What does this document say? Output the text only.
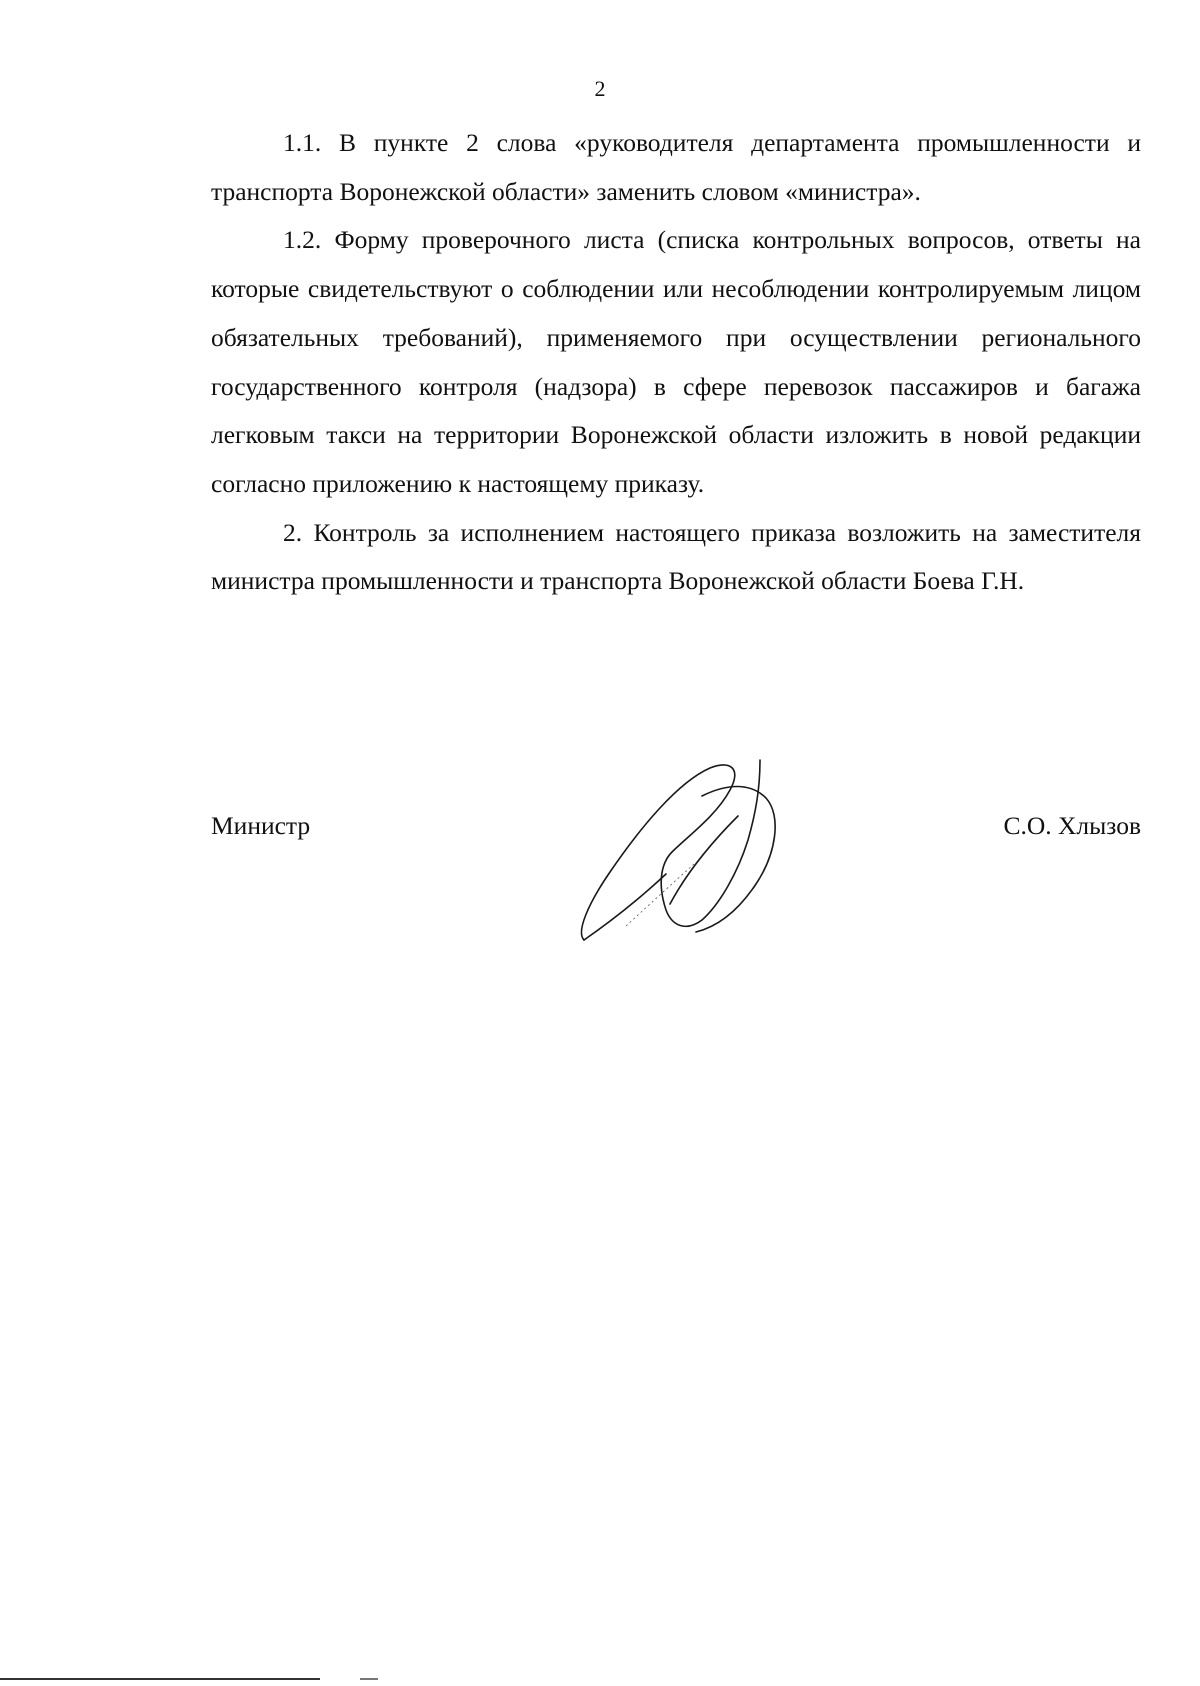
2

1.1. В пункте 2 слова «руководителя департамента промышленности и транспорта Воронежской области» заменить словом «министра».

1.2. Форму проверочного листа (списка контрольных вопросов, ответы на которые свидетельствуют о соблюдении или несоблюдении контролируемым лицом обязательных требований), применяемого при осуществлении регионального государственного контроля (надзора) в сфере перевозок пассажиров и багажа легковым такси на территории Воронежской области изложить в новой редакции согласно приложению к настоящему приказу.

2. Контроль за исполнением настоящего приказа возложить на заместителя министра промышленности и транспорта Воронежской области Боева Г.Н.

Министр	С.О. Хлызов
